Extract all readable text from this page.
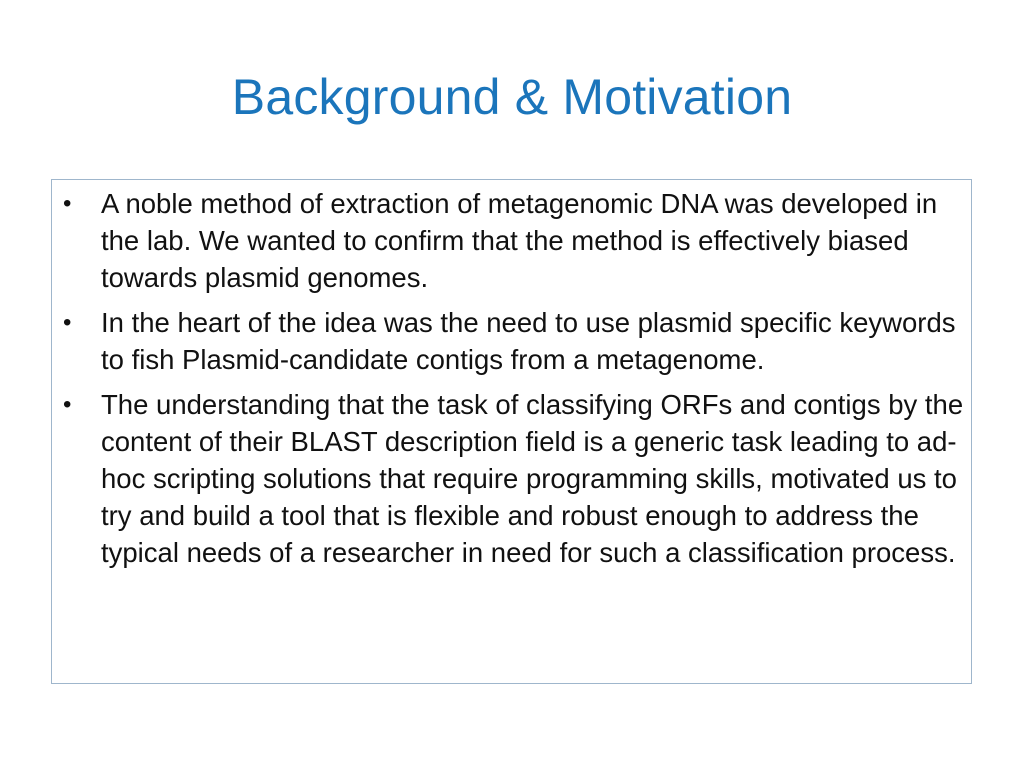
Background & Motivation
•	A noble method of extraction of metagenomic DNA was developed in the lab. We wanted to confirm that the method is effectively biased towards plasmid genomes.
•	In the heart of the idea was the need to use plasmid specific keywords to fish Plasmid-candidate contigs from a metagenome.
•	The understanding that the task of classifying ORFs and contigs by the content of their BLAST description field is a generic task leading to ad-hoc scripting solutions that require programming skills, motivated us to try and build a tool that is flexible and robust enough to address the typical needs of a researcher in need for such a classification process.
